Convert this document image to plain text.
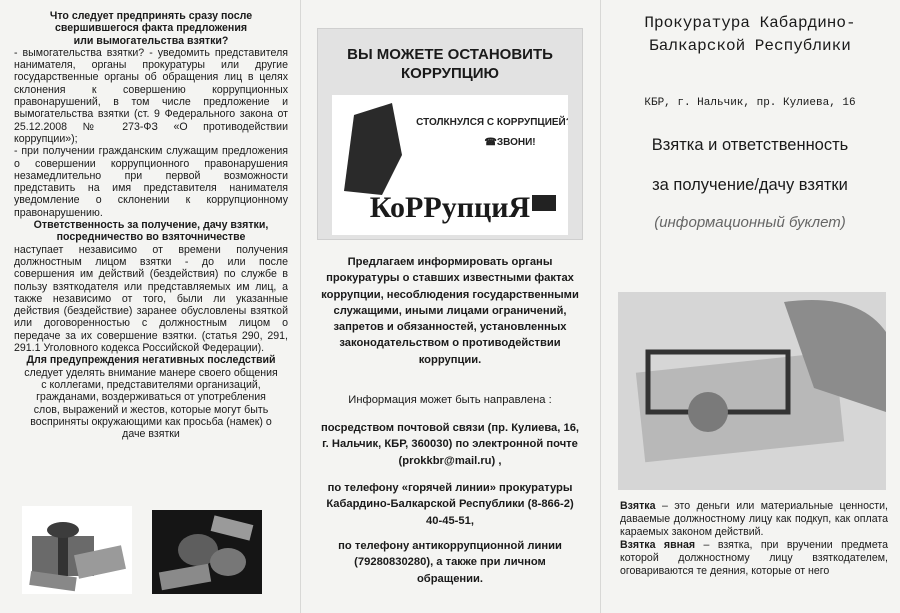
Что следует предпринять сразу после свершившегося факта предложения или вымогательства взятки?

- вымогательства взятки? - уведомить представителя нанимателя, органы прокуратуры или другие государственные органы об обращения лиц в целях склонения к совершению коррупционных правонарушений, в том числе предложение и вымогательства взятки (ст. 9 Федерального закона от 25.12.2008 № 273-ФЗ «О противодействии коррупции»);

- при получении гражданским служащим предложения о совершении коррупционного правонарушения незамедлительно при первой возможности представить на имя представителя нанимателя уведомление о склонении к коррупционному правонарушению.

Ответственность за получение, дачу взятки, посредничество во взяточничестве

наступает независимо от времени получения должностным лицом взятки - до или после совершения им действий (бездействия) по службе в пользу взяткодателя или представляемых им лиц, а также независимо от того, были ли указанные действия (бездействие) заранее обусловлены взяткой или договоренностью с должностным лицом о передаче за их совершение взятки. (статья 290, 291, 291.1 Уголовного кодекса Российской Федерации).

Для предупреждения негативных последствий

следует уделять внимание манере своего общения с коллегами, представителями организаций, гражданами, воздерживаться от употребления слов, выражений и жестов, которые могут быть восприняты окружающими как просьба (намек) о даче взятки

ВЫ МОЖЕТЕ ОСТАНОВИТЬ КОРРУПЦИЮ
СТОЛКНУЛСЯ С КОРРУПЦИЕЙ?
☎ЗВОНИ!
КоРРупциЯ
Предлагаем информировать органы прокуратуры о ставших известными фактах коррупции, несоблюдения государственными служащими, иными лицами ограничений, запретов и обязанностей, установленных законодательством о противодействии коррупции.
Информация может быть направлена :
посредством почтовой связи (пр. Кулиева, 16, г. Нальчик, КБР, 360030) по электронной почте (prokkbr@mail.ru) ,
по телефону «горячей линии» прокуратуры Кабардино-Балкарской Республики (8-866-2) 40-45-51,
по телефону антикоррупционной линии (79280830280), а также при личном обращении.
Прокуратура Кабардино-Балкарской Республики
КБР, г. Нальчик, пр. Кулиева, 16
Взятка и ответственность
за получение/дачу взятки
(информационный буклет)

Взятка – это деньги или материальные ценности, даваемые должностному лицу как подкуп, как оплата караемых законом действий.

Взятка явная – взятка, при вручении предмета которой должностному лицу взяткодателем, оговариваются те деяния, которые от него
